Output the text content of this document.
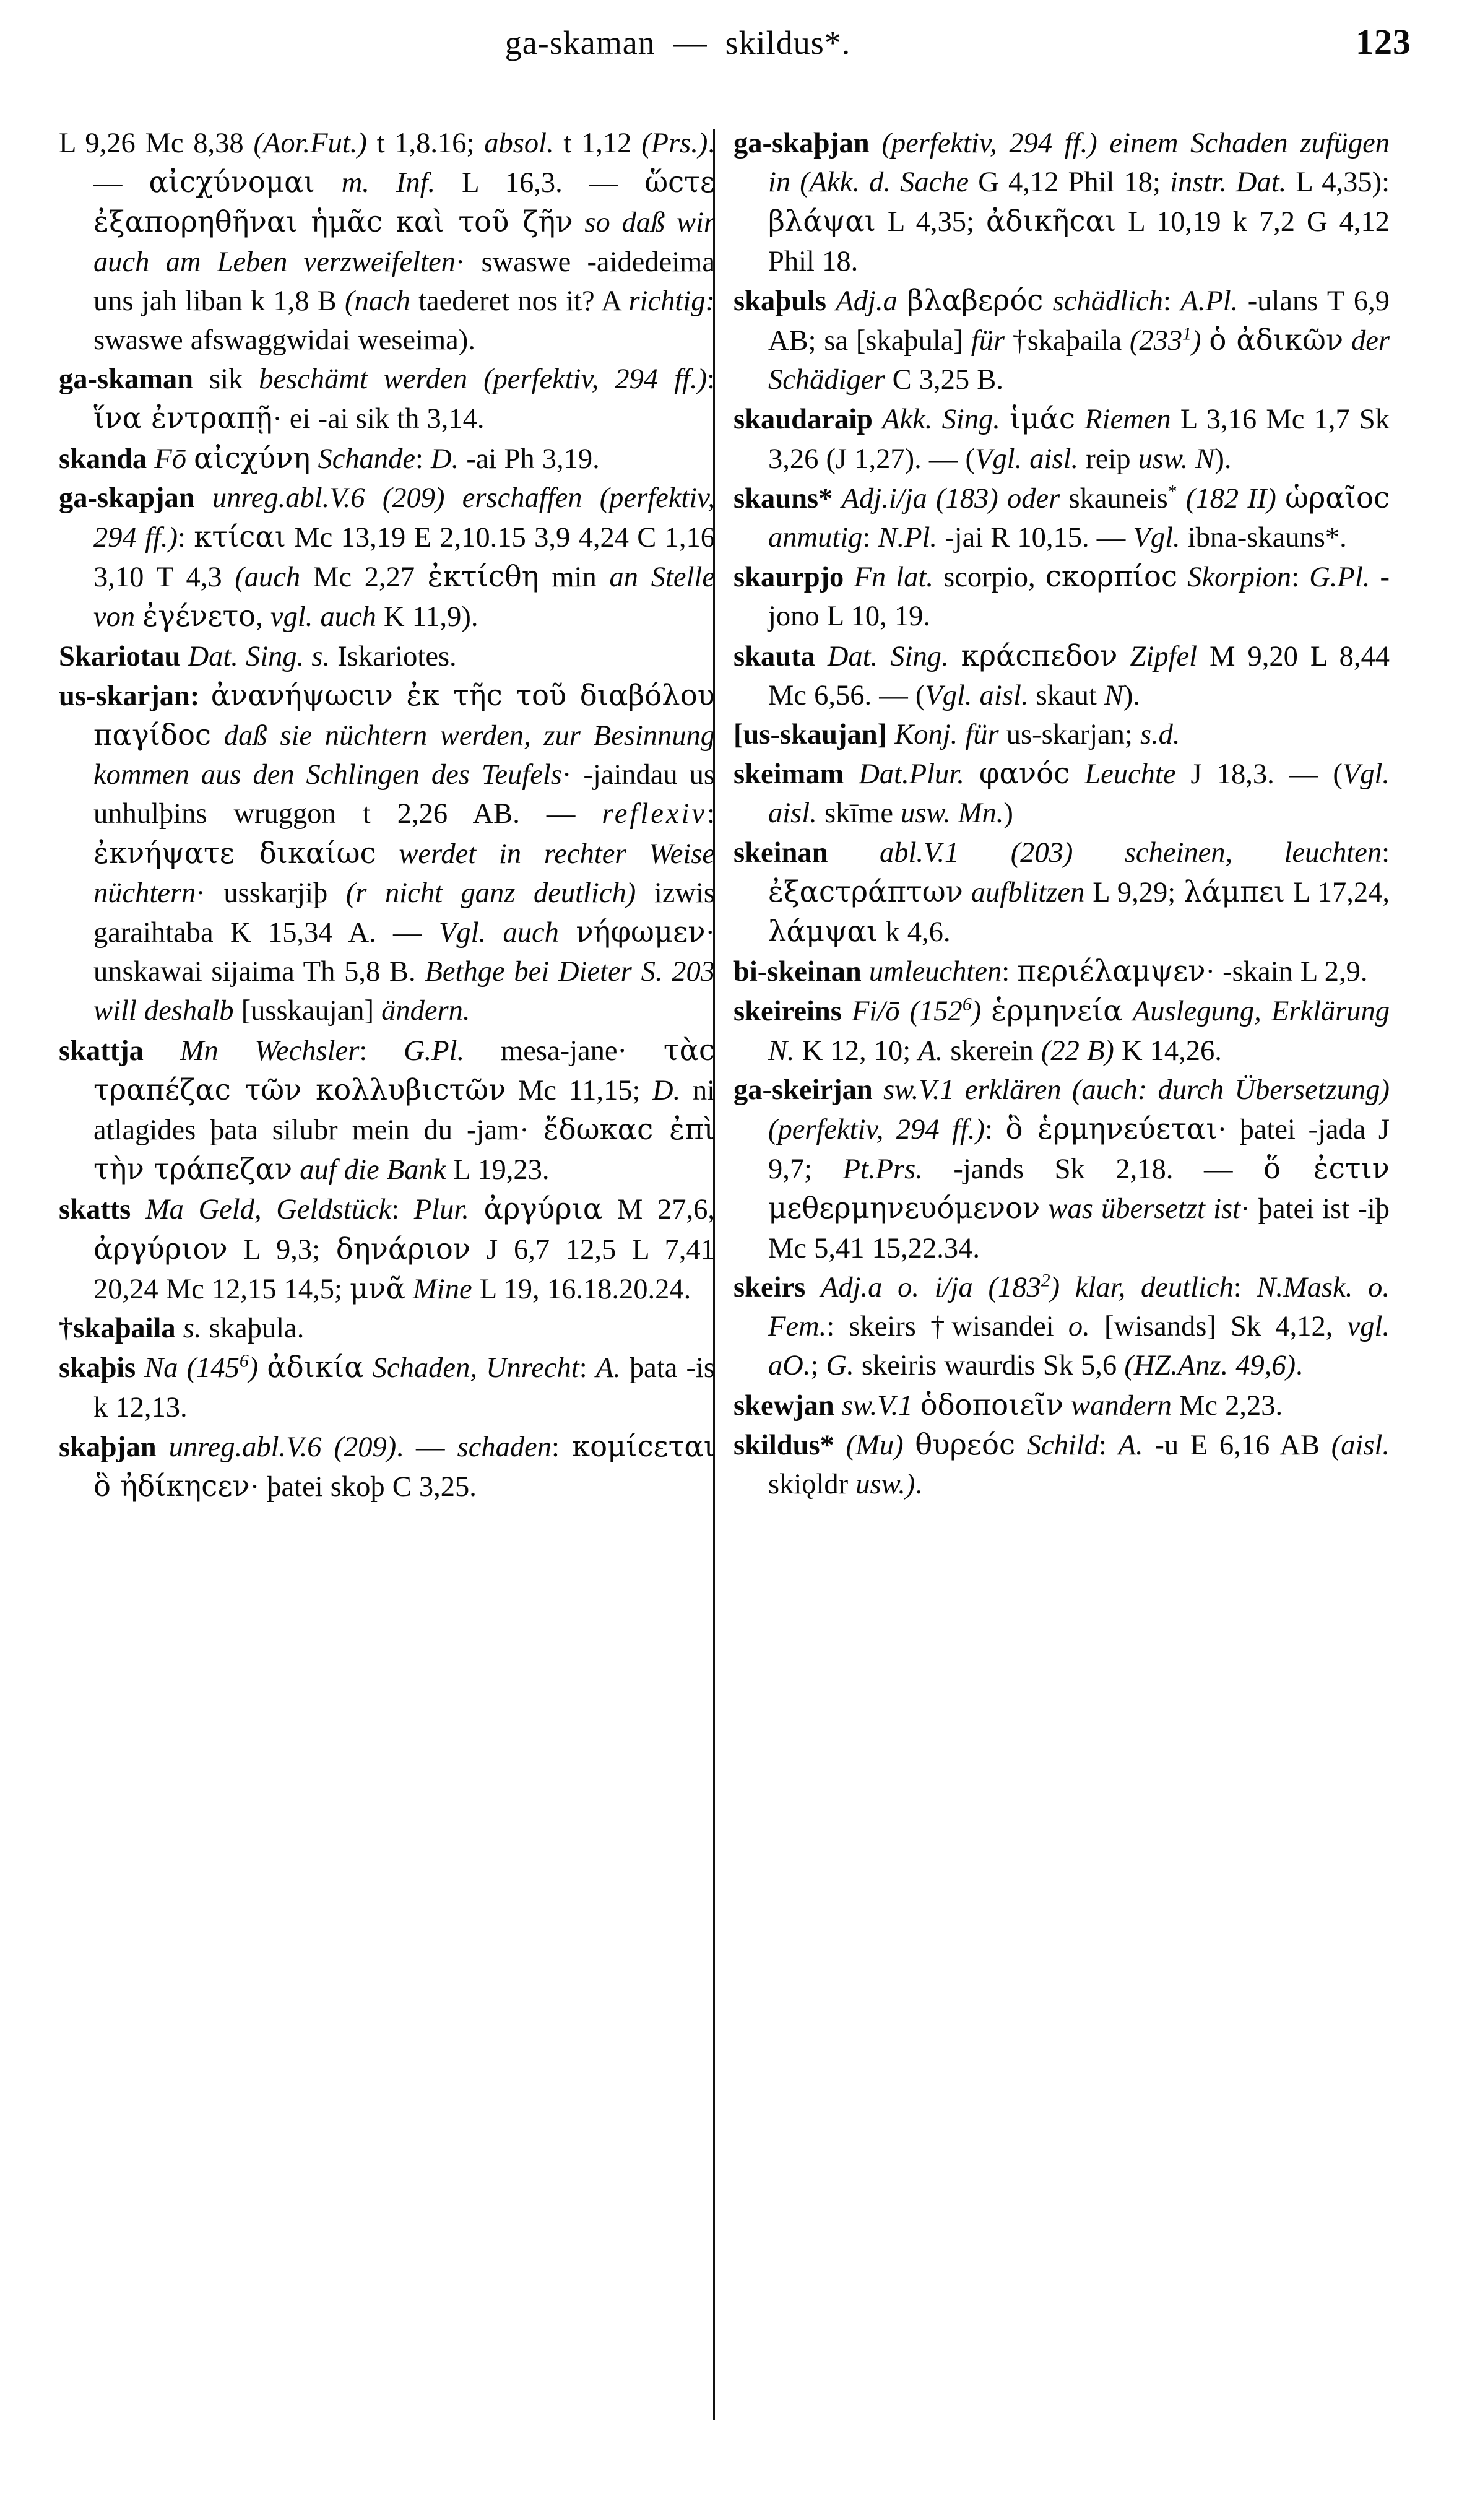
ga-skaman  —  skildus*.	123

L 9,26 Mc 8,38 (Aor.Fut.) t 1,8.16; absol. t 1,12 (Prs.). — αἰcχύνομαι m. Inf. L 16,3. — ὥcτε ἐξαπορηθῆναι ἡμᾶc καὶ τοῦ ζῆν so daß wir auch am Leben verzweifelten· swaswe -aidedeima uns jah liban k 1,8 B (nach taederet nos it? A richtig: swaswe afswaggwidai weseima).

ga-skaman sik beschämt werden (perfektiv, 294 ff.): ἵνα ἐντραπῇ· ei -ai sik th 3,14.

skanda Fō αἰcχύνη Schande: D. -ai Ph 3,19.

ga-skapjan unreg.abl.V.6 (209) erschaffen (perfektiv, 294 ff.): κτίcαι Mc 13,19 E 2,10.15 3,9 4,24 C 1,16 3,10 T 4,3 (auch Mc 2,27 ἐκτίcθη min an Stelle von ἐγένετο, vgl. auch K 11,9).

Skariotau Dat. Sing. s. Iskariotes.

us-skarjan: ἀνανήψωcιν ἐκ τῆc τοῦ διαβόλου παγίδοc daß sie nüchtern werden, zur Besinnung kommen aus den Schlingen des Teufels· -jaindau us unhulþins wruggon t 2,26 AB. — reflexiv: ἐκνήψατε δικαίωc werdet in rechter Weise nüchtern· usskarjiþ (r nicht ganz deutlich) izwis garaihtaba K 15,34 A. — Vgl. auch νήφωμεν· unskawai sijaima Th 5,8 B. Bethge bei Dieter S. 203 will deshalb [usskaujan] ändern.

skattja Mn Wechsler: G.Pl. mesa-jane· τὰc τραπέζαc τῶν κολλυβιcτῶν Mc 11,15; D. ni atlagides þata silubr mein du -jam· ἔδωκαc ἐπὶ τὴν τράπεζαν auf die Bank L 19,23.

skatts Ma Geld, Geldstück: Plur. ἀργύρια M 27,6, ἀργύριον L 9,3; δηνάριον J 6,7 12,5 L 7,41 20,24 Mc 12,15 14,5; μνᾶ Mine L 19, 16.18.20.24.

†skaþaila s. skaþula.

skaþis Na $(145^6)$ ἀδικία Schaden, Unrecht: A. þata -is k 12,13.

skaþjan unreg.abl.V.6 (209). — schaden: κομίcεται ὃ ἠδίκηcεν· þatei skoþ C 3,25.

ga-skaþjan (perfektiv, 294 ff.) einem Schaden zufügen in (Akk. d. Sache G 4,12 Phil 18; instr. Dat. L 4,35): βλάψαι L 4,35; ἀδικῆcαι L 10,19 k 7,2 G 4,12 Phil 18.

skaþuls Adj.a βλαβερόc schädlich: A.Pl. -ulans T 6,9 AB; sa [skaþula] für †skaþaila $(233^1)$ ὁ ἀδικῶν der Schädiger C 3,25 B.

skaudaraip Akk. Sing. ἱμάc Riemen L 3,16 Mc 1,7 Sk 3,26 (J 1,27). — (Vgl. aisl. reip usw. N).

skauns* Adj.i/ja (183) oder skauneis* (182 II) ὡραῖοc anmutig: N.Pl. -jai R 10,15. — Vgl. ibna-skauns*.

skaurpjo Fn lat. scorpio, cκορπίοc Skorpion: G.Pl. -jono L 10, 19.

skauta Dat. Sing. κράcπεδον Zipfel M 9,20 L 8,44 Mc 6,56. — (Vgl. aisl. skaut N).

[us-skaujan] Konj. für us-skarjan; s.d.

skeimam Dat.Plur. φανόc Leuchte J 18,3. — (Vgl. aisl. skīme usw. Mn.)

skeinan abl.V.1 (203) scheinen, leuchten: ἐξαcτράπτων aufblitzen L 9,29; λάμπει L 17,24, λάμψαι k 4,6.

bi-skeinan umleuchten: περιέλαμψεν· -skain L 2,9.

skeireins Fi/ō $(152^6)$ ἑρμηνεία Auslegung, Erklärung N. K 12, 10; A. skerein (22 B) K 14,26.

ga-skeirjan sw.V.1 erklären (auch: durch Übersetzung) (perfektiv, 294 ff.): ὃ ἑρμηνεύεται· þatei -jada J 9,7; Pt.Prs. -jands Sk 2,18. — ὅ ἐcτιν μεθερμηνευόμενον was übersetzt ist· þatei ist -iþ Mc 5,41 15,22.34.

skeirs Adj.a o. i/ja $(183^2)$ klar, deutlich: N.Mask. o. Fem.: skeirs †wisandei o. [wisands] Sk 4,12, vgl. aO.; G. skeiris waurdis Sk 5,6 (HZ.Anz. 49,6).

skewjan sw.V.1 ὁδοποιεῖν wandern Mc 2,23.

skildus* (Mu) θυρεόc Schild: A. -u E 6,16 AB (aisl. skiǫldr usw.).
